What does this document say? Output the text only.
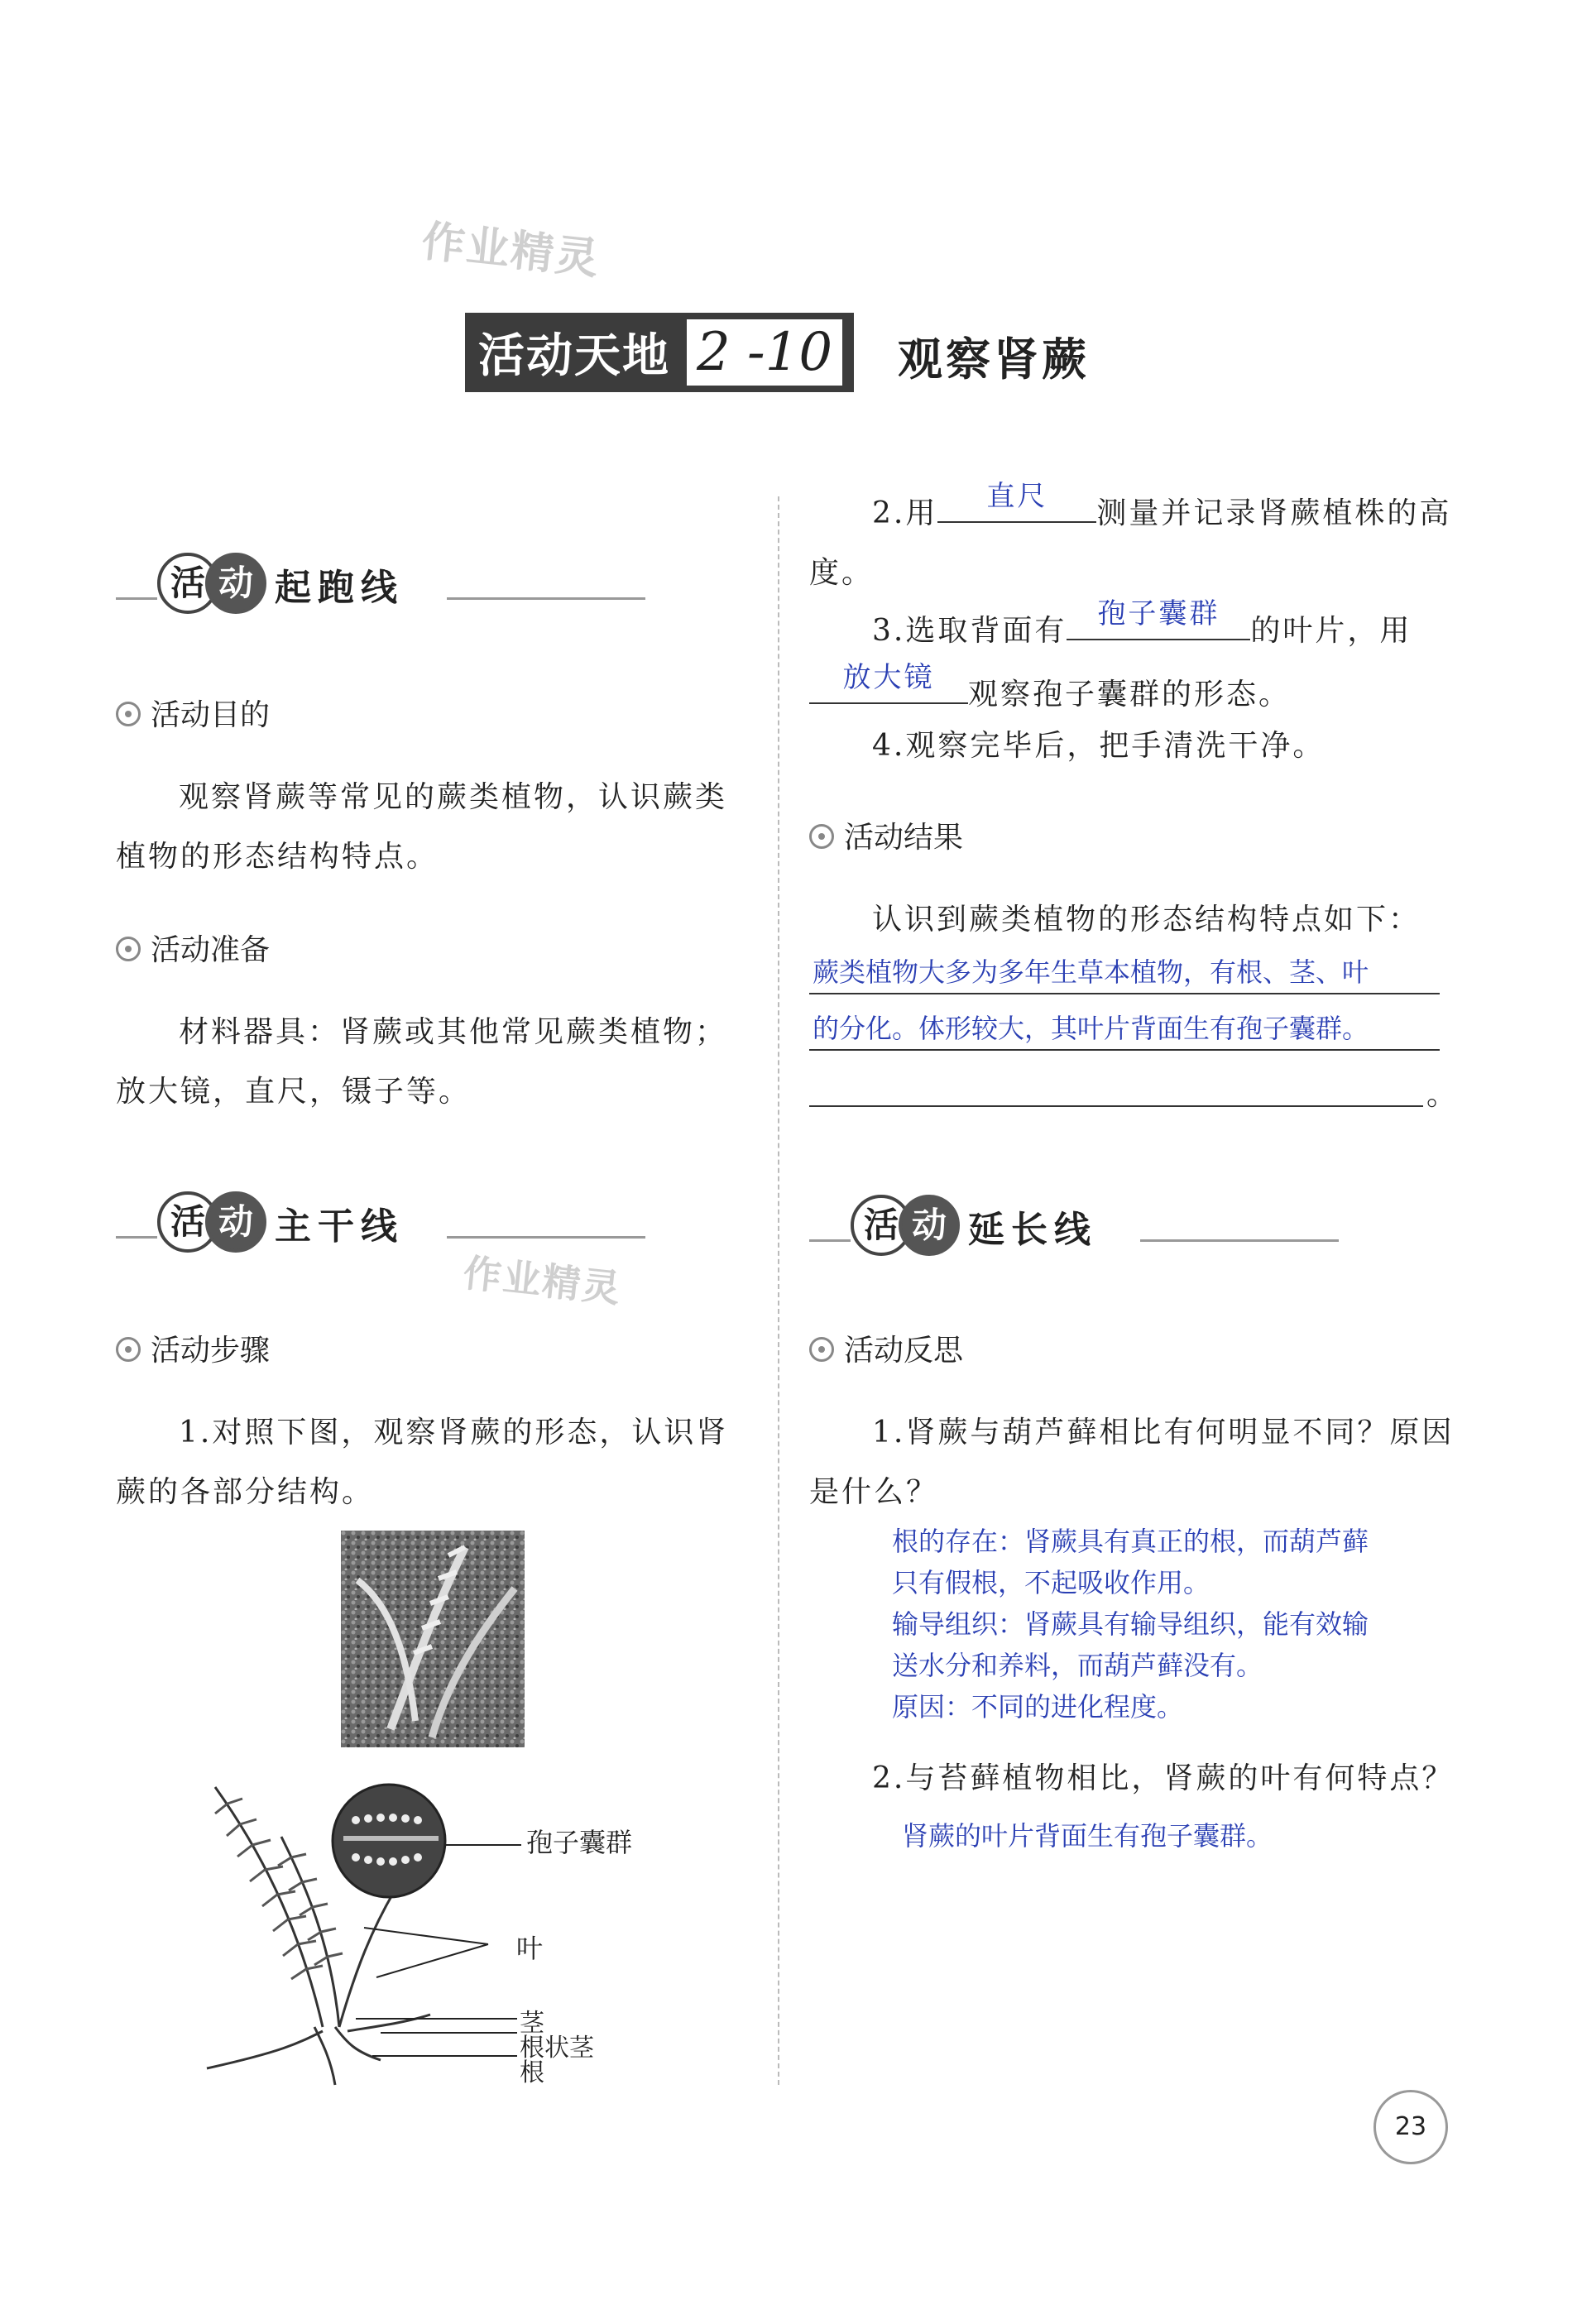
作业精灵
作业精灵
活动天地 2 -10 观察肾蕨
活 动 起跑线
活动目的

观察肾蕨等常见的蕨类植物，认识蕨类植物的形态结构特点。

活动准备

材料器具：肾蕨或其他常见蕨类植物；放大镜，直尺，镊子等。

活 动 主干线
活动步骤

1.对照下图，观察肾蕨的形态，认识肾蕨的各部分结构。

孢子囊群
叶
茎
根状茎
根
2.用	直尺	测量并记录肾蕨植株的高度。
3.选取背面有	孢子囊群	的叶片，用

放大镜	观察孢子囊群的形态。

4.观察完毕后，把手清洗干净。

活动结果

认识到蕨类植物的形态结构特点如下：

蕨类植物大多为多年生草本植物，有根、茎、叶
的分化。体形较大，其叶片背面生有孢子囊群。
。
活 动 延长线
活动反思

1.肾蕨与葫芦藓相比有何明显不同？原因是什么？

根的存在：肾蕨具有真正的根，而葫芦藓
只有假根，不起吸收作用。
输导组织：肾蕨具有输导组织，能有效输
送水分和养料，而葫芦藓没有。
原因：不同的进化程度。

2.与苔藓植物相比，肾蕨的叶有何特点？

肾蕨的叶片背面生有孢子囊群。
23
